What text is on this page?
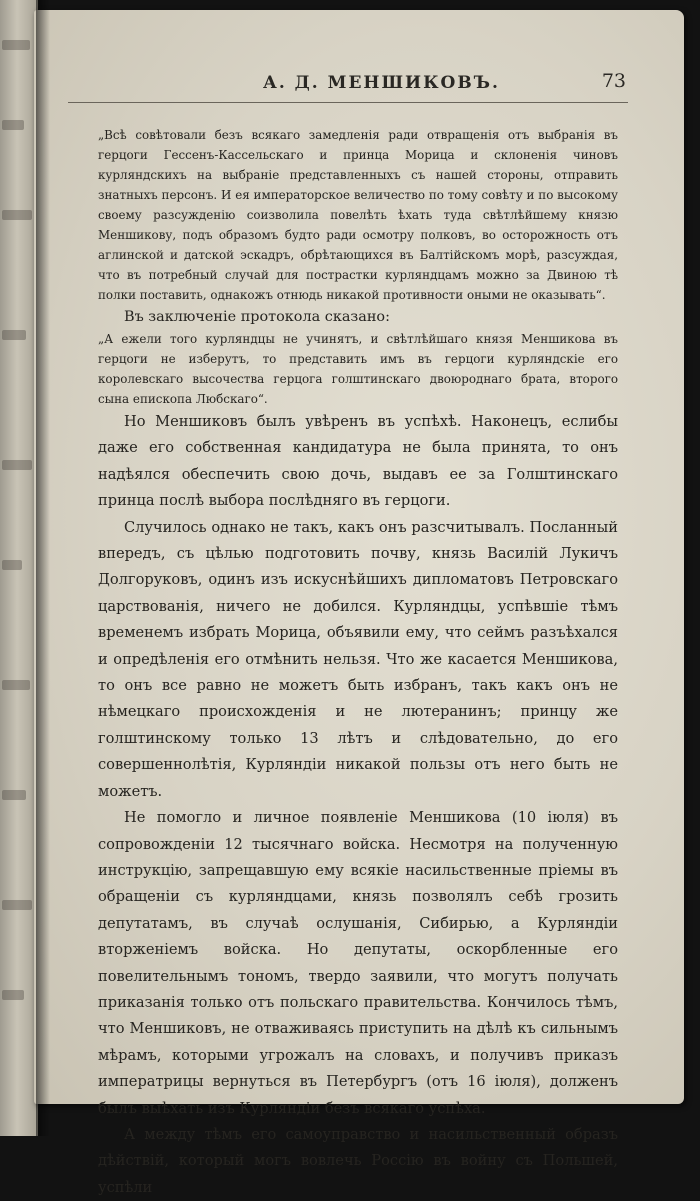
А. Д. МЕНШИКОВЪ.	73

„Всѣ совѣтовали безъ всякаго замедленія ради отвращенія отъ выбранія въ герцоги Гессенъ-Кассельскаго и принца Морица и склоненія чиновъ курляндскихъ на выбраніе представленныхъ съ нашей стороны, отправить знатныхъ персонъ. И ея императорское величество по тому совѣту и по высокому своему разсужденію соизволила повелѣть ѣхать туда свѣтлѣйшему князю Меншикову, подъ образомъ будто ради осмотру полковъ, во осторожность отъ аглинской и датской эскадръ, обрѣтающихся въ Балтійскомъ морѣ, разсуждая, что въ потребный случай для пострастки курляндцамъ можно за Двиною тѣ полки поставить, однакожъ отнюдь никакой противности оными не оказывать“.

Въ заключеніе протокола сказано:

„А ежели того курляндцы не учинятъ, и свѣтлѣйшаго князя Меншикова въ герцоги не изберутъ, то представить имъ въ герцоги курляндскіе его королевскаго высочества герцога голштинскаго двоюроднаго брата, второго сына епископа Любскаго“.

Но Меншиковъ былъ увѣренъ въ успѣхѣ. Наконецъ, еслибы даже его собственная кандидатура не была принята, то онъ надѣялся обеспечить свою дочь, выдавъ ее за Голштинскаго принца послѣ выбора послѣдняго въ герцоги.

Случилось однако не такъ, какъ онъ разсчитывалъ. Посланный впередъ, съ цѣлью подготовить почву, князь Василій Лукичъ Долгоруковъ, одинъ изъ искуснѣйшихъ дипломатовъ Петровскаго царствованія, ничего не добился. Курляндцы, успѣвшіе тѣмъ временемъ избрать Морица, объявили ему, что сеймъ разъѣхался и опредѣленія его отмѣнить нельзя. Что же касается Меншикова, то онъ все равно не можетъ быть избранъ, такъ какъ онъ не нѣмецкаго происхожденія и не лютеранинъ; принцу же голштинскому только 13 лѣтъ и слѣдовательно, до его совершеннолѣтія, Курляндіи никакой пользы отъ него быть не можетъ.

Не помогло и личное появленіе Меншикова (10 іюля) въ сопровожденіи 12 тысячнаго войска. Несмотря на полученную инструкцію, запрещавшую ему всякіе насильственные пріемы въ обращеніи съ курляндцами, князь позволялъ себѣ грозить депутатамъ, въ случаѣ ослушанія, Сибирью, а Курляндіи вторженіемъ войска. Но депутаты, оскорбленные его повелительнымъ тономъ, твердо заявили, что могутъ получать приказанія только отъ польскаго правительства. Кончилось тѣмъ, что Меншиковъ, не отваживаясь приступить на дѣлѣ къ сильнымъ мѣрамъ, которыми угрожалъ на словахъ, и получивъ приказъ императрицы вернуться въ Петербургъ (отъ 16 іюля), долженъ былъ выѣхать изъ Курляндіи безъ всякаго успѣха.

А между тѣмъ его самоуправство и насильственный образъ дѣйствій, который могъ вовлечь Россію въ войну съ Польшей, успѣли
